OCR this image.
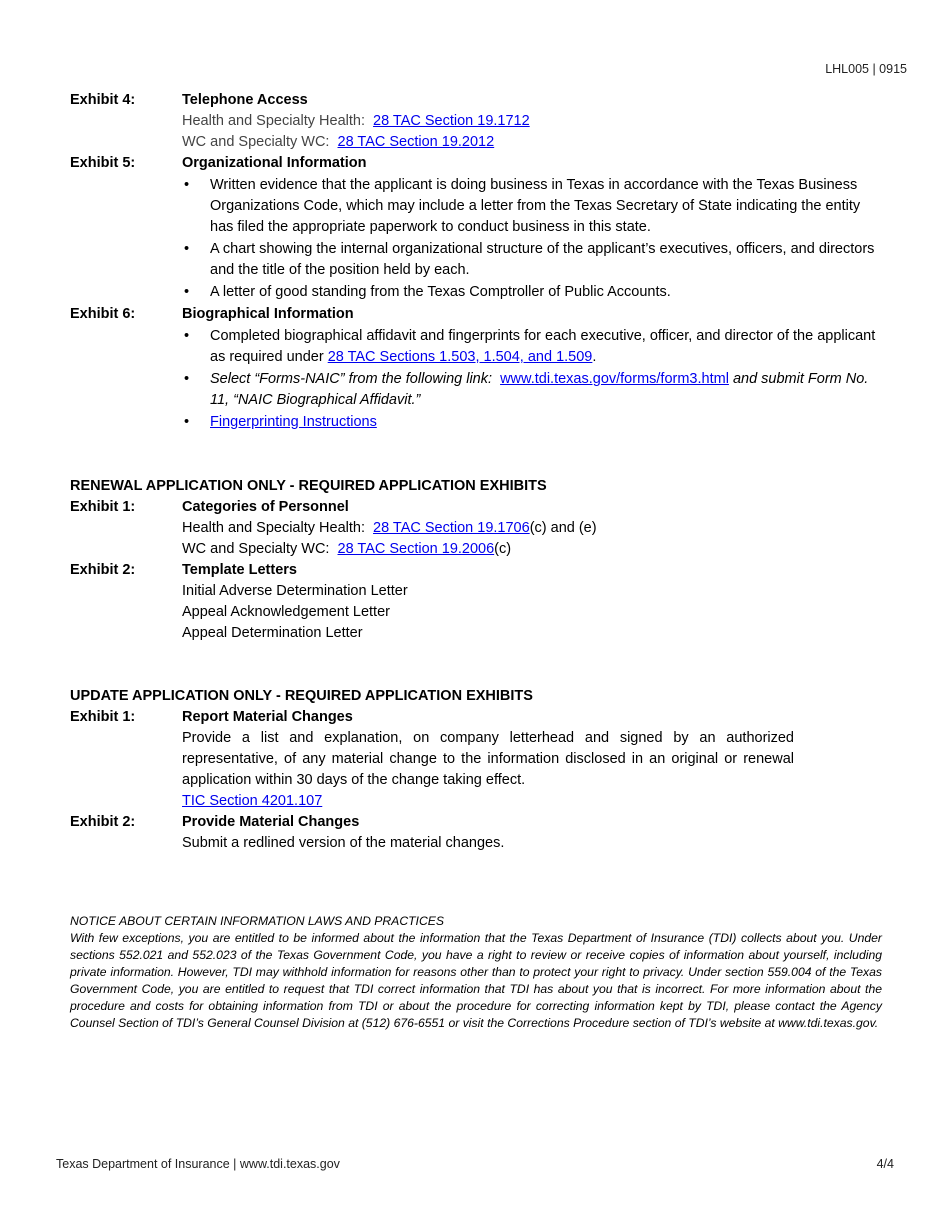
LHL005 | 0915
Exhibit 4:	Telephone Access
Health and Specialty Health:  28 TAC Section 19.1712
WC and Specialty WC:  28 TAC Section 19.2012
Exhibit 5:	Organizational Information
• Written evidence that the applicant is doing business in Texas in accordance with the Texas Business Organizations Code, which may include a letter from the Texas Secretary of State indicating the entity has filed the appropriate paperwork to conduct business in this state.
• A chart showing the internal organizational structure of the applicant’s executives, officers, and directors and the title of the position held by each.
• A letter of good standing from the Texas Comptroller of Public Accounts.
Exhibit 6:	Biographical Information
• Completed biographical affidavit and fingerprints for each executive, officer, and director of the applicant as required under 28 TAC Sections 1.503, 1.504, and 1.509.
• Select “Forms-NAIC” from the following link:  www.tdi.texas.gov/forms/form3.html and submit Form No. 11, “NAIC Biographical Affidavit.”
• Fingerprinting Instructions
RENEWAL APPLICATION ONLY - REQUIRED APPLICATION EXHIBITS
Exhibit 1:	Categories of Personnel
Health and Specialty Health:  28 TAC Section 19.1706(c) and (e)
WC and Specialty WC:  28 TAC Section 19.2006(c)
Exhibit 2:	Template Letters
Initial Adverse Determination Letter
Appeal Acknowledgement Letter
Appeal Determination Letter
UPDATE APPLICATION ONLY - REQUIRED APPLICATION EXHIBITS
Exhibit 1:	Report Material Changes
Provide a list and explanation, on company letterhead and signed by an authorized representative, of any material change to the information disclosed in an original or renewal application within 30 days of the change taking effect.
TIC Section 4201.107
Exhibit 2:	Provide Material Changes
Submit a redlined version of the material changes.
NOTICE ABOUT CERTAIN INFORMATION LAWS AND PRACTICES
With few exceptions, you are entitled to be informed about the information that the Texas Department of Insurance (TDI) collects about you. Under sections 552.021 and 552.023 of the Texas Government Code, you have a right to review or receive copies of information about yourself, including private information. However, TDI may withhold information for reasons other than to protect your right to privacy. Under section 559.004 of the Texas Government Code, you are entitled to request that TDI correct information that TDI has about you that is incorrect. For more information about the procedure and costs for obtaining information from TDI or about the procedure for correcting information kept by TDI, please contact the Agency Counsel Section of TDI’s General Counsel Division at (512) 676-6551 or visit the Corrections Procedure section of TDI’s website at www.tdi.texas.gov.
Texas Department of Insurance | www.tdi.texas.gov	4/4
